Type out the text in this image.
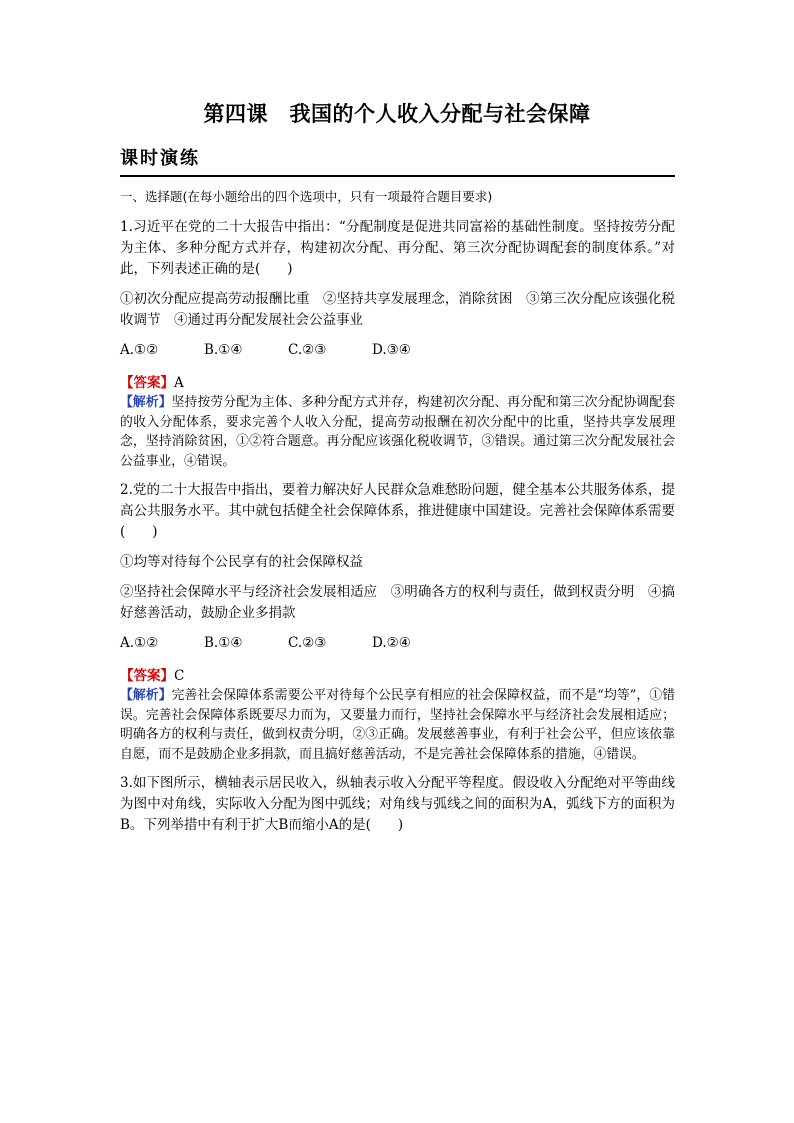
第四课　我国的个人收入分配与社会保障
课时演练

一、选择题(在每小题给出的四个选项中，只有一项最符合题目要求)

1.习近平在党的二十大报告中指出：“分配制度是促进共同富裕的基础性制度。坚持按劳分配为主体、多种分配方式并存，构建初次分配、再分配、第三次分配协调配套的制度体系。”对此，下列表述正确的是(　　)

①初次分配应提高劳动报酬比重　②坚持共享发展理念，消除贫困　③第三次分配应该强化税收调节　④通过再分配发展社会公益事业

A.①②	B.①④	C.②③	D.③④

【答案】A

【解析】坚持按劳分配为主体、多种分配方式并存，构建初次分配、再分配和第三次分配协调配套的收入分配体系，要求完善个人收入分配，提高劳动报酬在初次分配中的比重，坚持共享发展理念，坚持消除贫困，①②符合题意。再分配应该强化税收调节，③错误。通过第三次分配发展社会公益事业，④错误。

2.党的二十大报告中指出，要着力解决好人民群众急难愁盼问题，健全基本公共服务体系，提高公共服务水平。其中就包括健全社会保障体系，推进健康中国建设。完善社会保障体系需要(　　)

①均等对待每个公民享有的社会保障权益

②坚持社会保障水平与经济社会发展相适应　③明确各方的权利与责任，做到权责分明　④搞好慈善活动，鼓励企业多捐款

A.①②	B.①④	C.②③	D.②④

【答案】C

【解析】完善社会保障体系需要公平对待每个公民享有相应的社会保障权益，而不是“均等”，①错误。完善社会保障体系既要尽力而为，又要量力而行，坚持社会保障水平与经济社会发展相适应；明确各方的权利与责任，做到权责分明，②③正确。发展慈善事业，有利于社会公平，但应该依靠自愿，而不是鼓励企业多捐款，而且搞好慈善活动，不是完善社会保障体系的措施，④错误。

3.如下图所示，横轴表示居民收入，纵轴表示收入分配平等程度。假设收入分配绝对平等曲线为图中对角线，实际收入分配为图中弧线；对角线与弧线之间的面积为A，弧线下方的面积为B。下列举措中有利于扩大B而缩小A的是(　　)
